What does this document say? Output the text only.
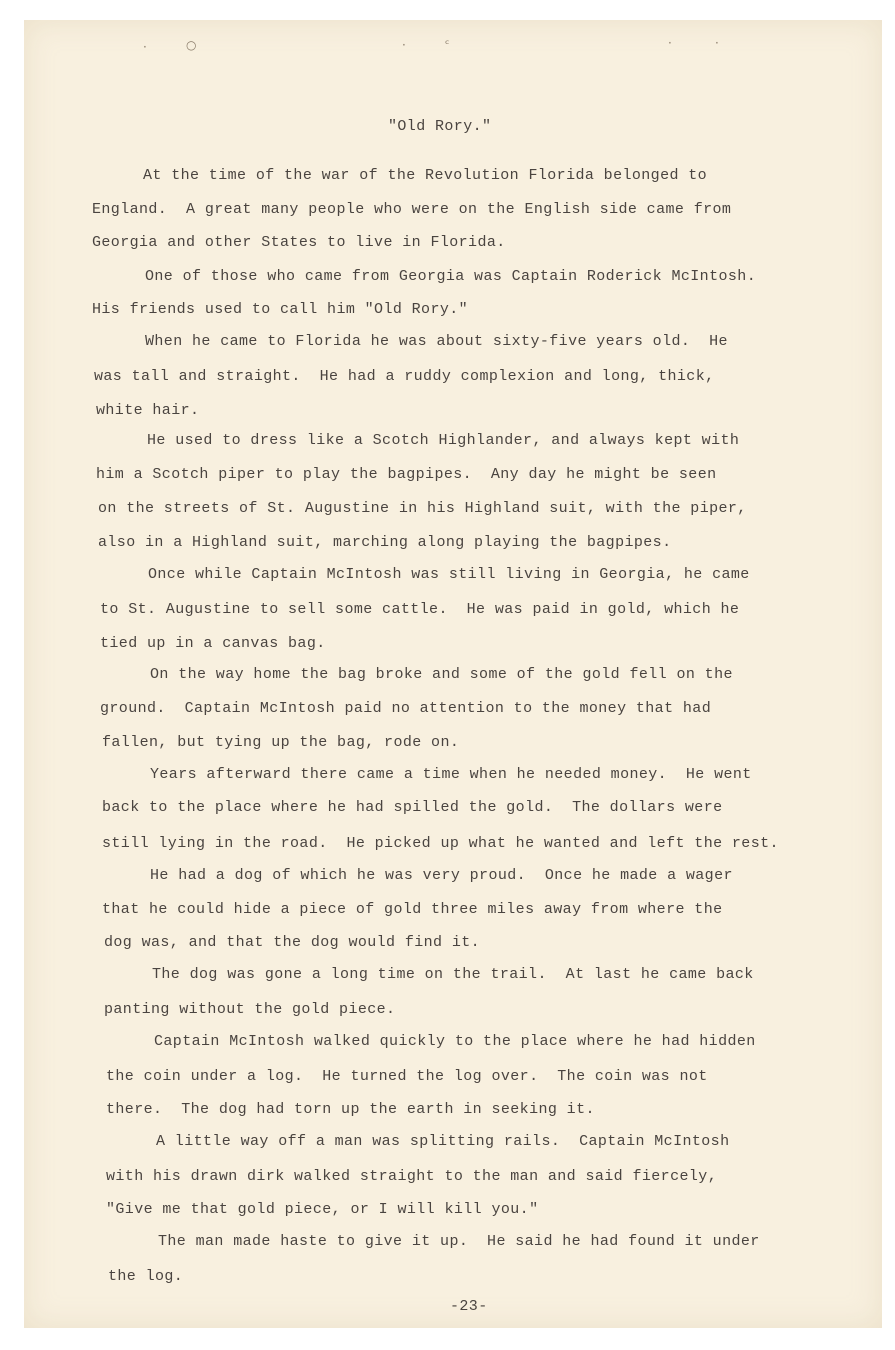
·	○	·	ᶜ	·	·
"Old Rory."
At the time of the war of the Revolution Florida belonged to
England.  A great many people who were on the English side came from
Georgia and other States to live in Florida.
One of those who came from Georgia was Captain Roderick McIntosh.
His friends used to call him "Old Rory."
When he came to Florida he was about sixty-five years old.  He
was tall and straight.  He had a ruddy complexion and long, thick,
white hair.
He used to dress like a Scotch Highlander, and always kept with
him a Scotch piper to play the bagpipes.  Any day he might be seen
on the streets of St. Augustine in his Highland suit, with the piper,
also in a Highland suit, marching along playing the bagpipes.
Once while Captain McIntosh was still living in Georgia, he came
to St. Augustine to sell some cattle.  He was paid in gold, which he
tied up in a canvas bag.
On the way home the bag broke and some of the gold fell on the
ground.  Captain McIntosh paid no attention to the money that had
fallen, but tying up the bag, rode on.
Years afterward there came a time when he needed money.  He went
back to the place where he had spilled the gold.  The dollars were
still lying in the road.  He picked up what he wanted and left the rest.
He had a dog of which he was very proud.  Once he made a wager
that he could hide a piece of gold three miles away from where the
dog was, and that the dog would find it.
The dog was gone a long time on the trail.  At last he came back
panting without the gold piece.
Captain McIntosh walked quickly to the place where he had hidden
the coin under a log.  He turned the log over.  The coin was not
there.  The dog had torn up the earth in seeking it.
A little way off a man was splitting rails.  Captain McIntosh
with his drawn dirk walked straight to the man and said fiercely,
"Give me that gold piece, or I will kill you."
The man made haste to give it up.  He said he had found it under
the log.
-23-
